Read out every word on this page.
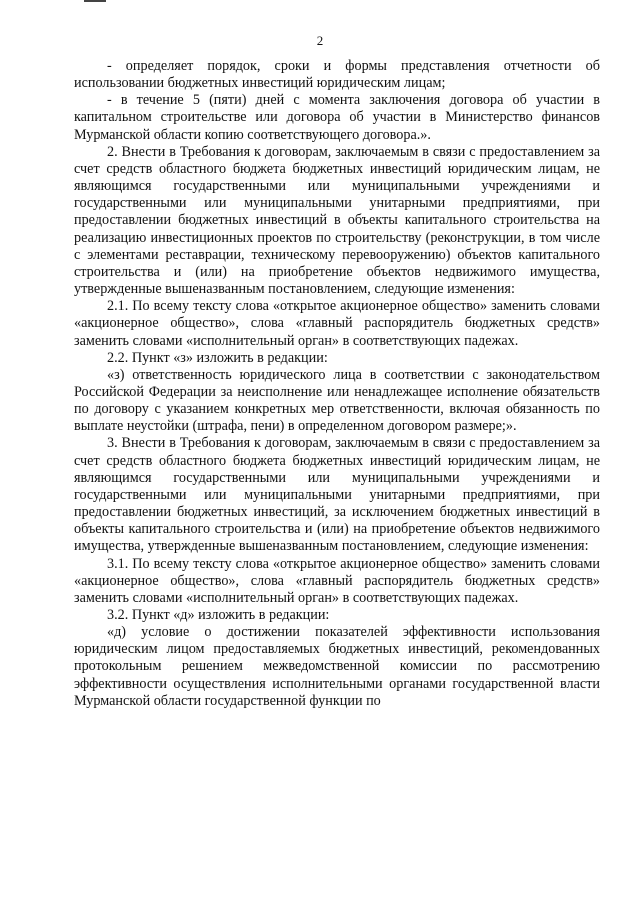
2

- определяет порядок, сроки и формы представления отчетности об использовании бюджетных инвестиций юридическим лицам;

- в течение 5 (пяти) дней с момента заключения договора об участии в капитальном строительстве или договора об участии в Министерство финансов Мурманской области копию соответствующего договора.».

2. Внести в Требования к договорам, заключаемым в связи с предоставлением за счет средств областного бюджета бюджетных инвестиций юридическим лицам, не являющимся государственными или муниципальными учреждениями и государственными или муниципальными унитарными предприятиями, при предоставлении бюджетных инвестиций в объекты капитального строительства на реализацию инвестиционных проектов по строительству (реконструкции, в том числе с элементами реставрации, техническому перевооружению) объектов капитального строительства и (или) на приобретение объектов недвижимого имущества, утвержденные вышеназванным постановлением, следующие изменения:

2.1. По всему тексту слова «открытое акционерное общество» заменить словами «акционерное общество», слова «главный распорядитель бюджетных средств» заменить словами «исполнительный орган» в соответствующих падежах.

2.2. Пункт «з» изложить в редакции:

«з) ответственность юридического лица в соответствии с законодательством Российской Федерации за неисполнение или ненадлежащее исполнение обязательств по договору с указанием конкретных мер ответственности, включая обязанность по выплате неустойки (штрафа, пени) в определенном договором размере;».

3. Внести в Требования к договорам, заключаемым в связи с предоставлением за счет средств областного бюджета бюджетных инвестиций юридическим лицам, не являющимся государственными или муниципальными учреждениями и государственными или муниципальными унитарными предприятиями, при предоставлении бюджетных инвестиций, за исключением бюджетных инвестиций в объекты капитального строительства и (или) на приобретение объектов недвижимого имущества, утвержденные вышеназванным постановлением, следующие изменения:

3.1. По всему тексту слова «открытое акционерное общество» заменить словами «акционерное общество», слова «главный распорядитель бюджетных средств» заменить словами «исполнительный орган» в соответствующих падежах.

3.2. Пункт «д» изложить в редакции:

«д) условие о достижении показателей эффективности использования юридическим лицом предоставляемых бюджетных инвестиций, рекомендованных протокольным решением межведомственной комиссии по рассмотрению эффективности осуществления исполнительными органами государственной власти Мурманской области государственной функции по
